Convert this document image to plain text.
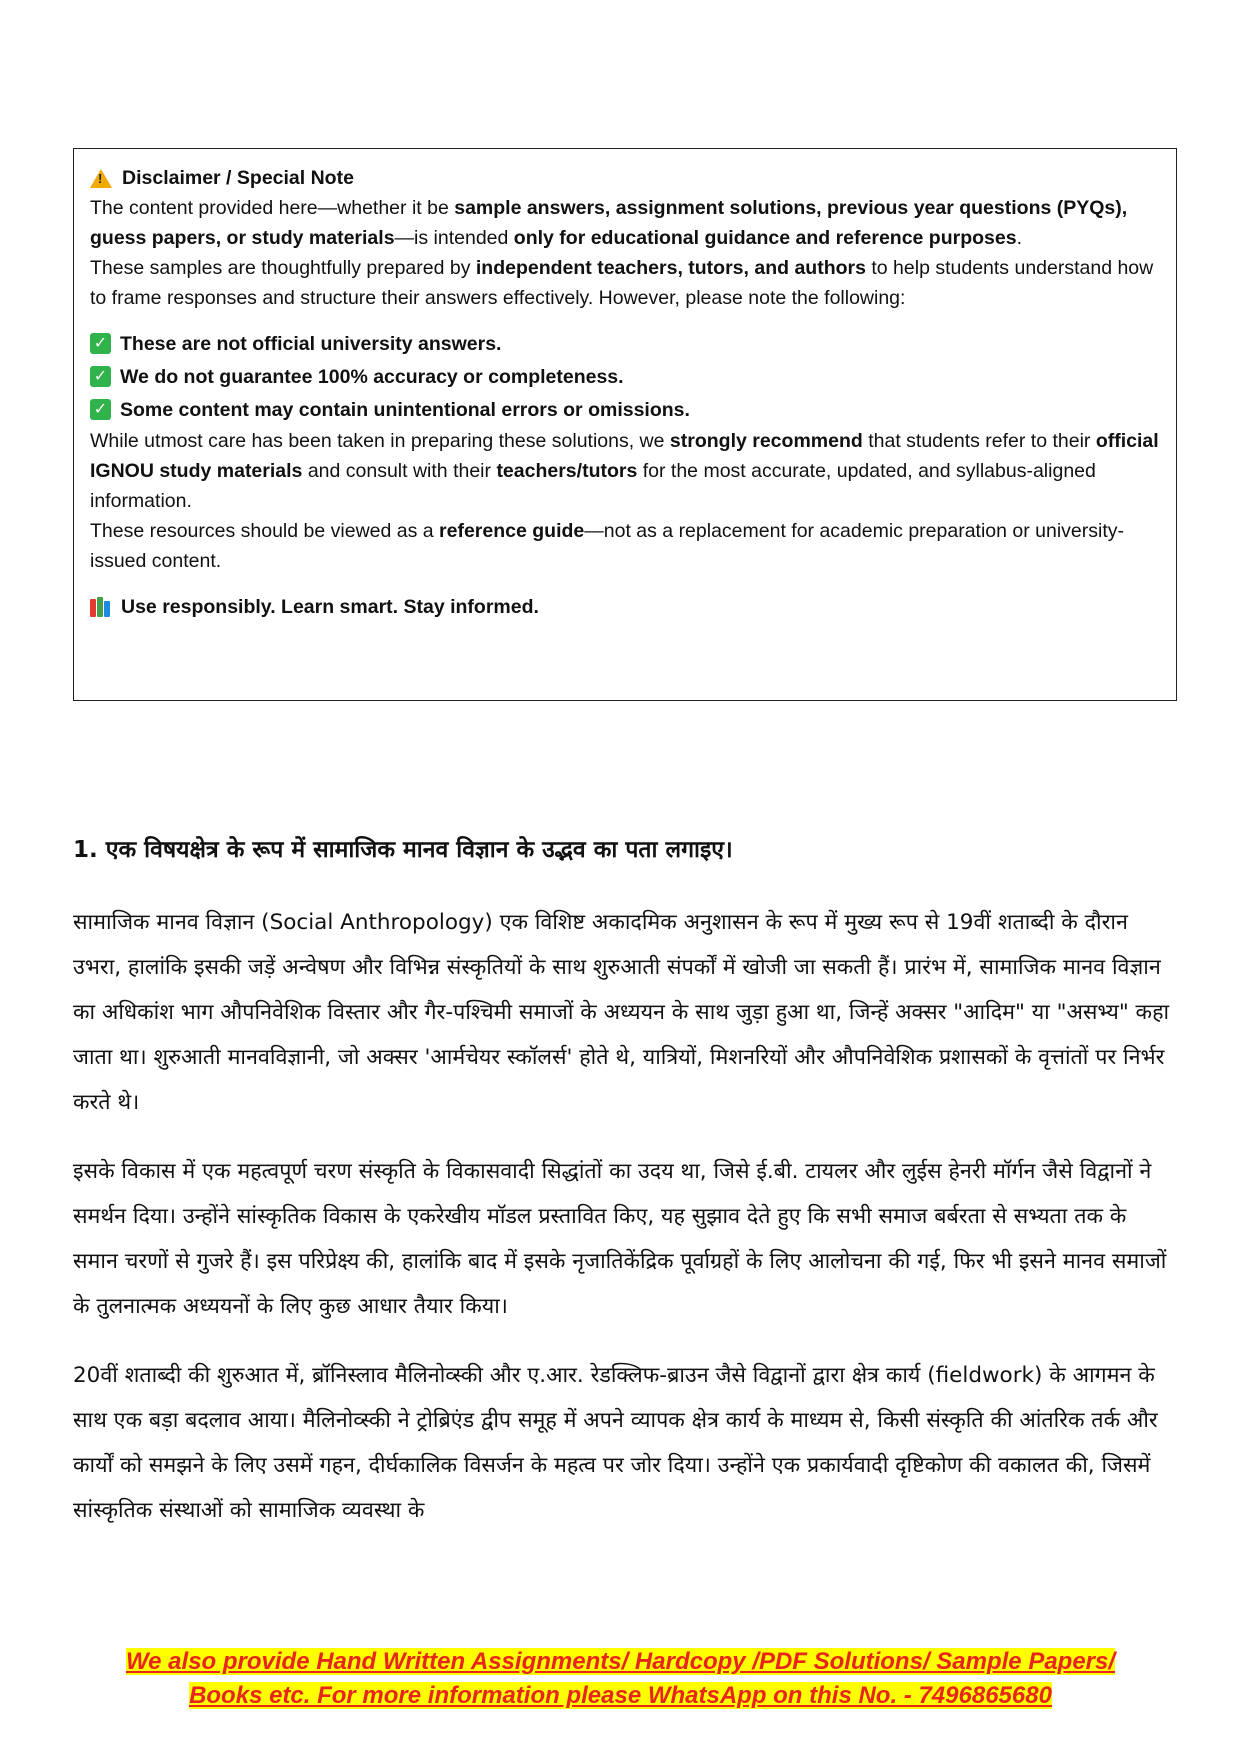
!
Disclaimer / Special Note

The content provided here—whether it be sample answers, assignment solutions, previous year questions (PYQs), guess papers, or study materials—is intended only for educational guidance and reference purposes.

These samples are thoughtfully prepared by independent teachers, tutors, and authors to help students understand how to frame responses and structure their answers effectively. However, please note the following:

✓ These are not official university answers.
✓ We do not guarantee 100% accuracy or completeness.
✓ Some content may contain unintentional errors or omissions.

While utmost care has been taken in preparing these solutions, we strongly recommend that students refer to their official IGNOU study materials and consult with their teachers/tutors for the most accurate, updated, and syllabus-aligned information.

These resources should be viewed as a reference guide—not as a replacement for academic preparation or university-issued content.

Use responsibly. Learn smart. Stay informed.
1. एक विषयक्षेत्र के रूप में सामाजिक मानव विज्ञान के उद्भव का पता लगाइए।

सामाजिक मानव विज्ञान (Social Anthropology) एक विशिष्ट अकादमिक अनुशासन के रूप में मुख्य रूप से 19वीं शताब्दी के दौरान उभरा, हालांकि इसकी जड़ें अन्वेषण और विभिन्न संस्कृतियों के साथ शुरुआती संपर्कों में खोजी जा सकती हैं। प्रारंभ में, सामाजिक मानव विज्ञान का अधिकांश भाग औपनिवेशिक विस्तार और गैर-पश्चिमी समाजों के अध्ययन के साथ जुड़ा हुआ था, जिन्हें अक्सर "आदिम" या "असभ्य" कहा जाता था। शुरुआती मानवविज्ञानी, जो अक्सर 'आर्मचेयर स्कॉलर्स' होते थे, यात्रियों, मिशनरियों और औपनिवेशिक प्रशासकों के वृत्तांतों पर निर्भर करते थे।

इसके विकास में एक महत्वपूर्ण चरण संस्कृति के विकासवादी सिद्धांतों का उदय था, जिसे ई.बी. टायलर और लुईस हेनरी मॉर्गन जैसे विद्वानों ने समर्थन दिया। उन्होंने सांस्कृतिक विकास के एकरेखीय मॉडल प्रस्तावित किए, यह सुझाव देते हुए कि सभी समाज बर्बरता से सभ्यता तक के समान चरणों से गुजरे हैं। इस परिप्रेक्ष्य की, हालांकि बाद में इसके नृजातिकेंद्रिक पूर्वाग्रहों के लिए आलोचना की गई, फिर भी इसने मानव समाजों के तुलनात्मक अध्ययनों के लिए कुछ आधार तैयार किया।

20वीं शताब्दी की शुरुआत में, ब्रॉनिस्लाव मैलिनोव्स्की और ए.आर. रेडक्लिफ-ब्राउन जैसे विद्वानों द्वारा क्षेत्र कार्य (fieldwork) के आगमन के साथ एक बड़ा बदलाव आया। मैलिनोव्स्की ने ट्रोब्रिएंड द्वीप समूह में अपने व्यापक क्षेत्र कार्य के माध्यम से, किसी संस्कृति की आंतरिक तर्क और कार्यों को समझने के लिए उसमें गहन, दीर्घकालिक विसर्जन के महत्व पर जोर दिया। उन्होंने एक प्रकार्यवादी दृष्टिकोण की वकालत की, जिसमें सांस्कृतिक संस्थाओं को सामाजिक व्यवस्था के

We also provide Hand Written Assignments/ Hardcopy /PDF Solutions/ Sample Papers/
Books etc. For more information please WhatsApp on this No. - 7496865680
